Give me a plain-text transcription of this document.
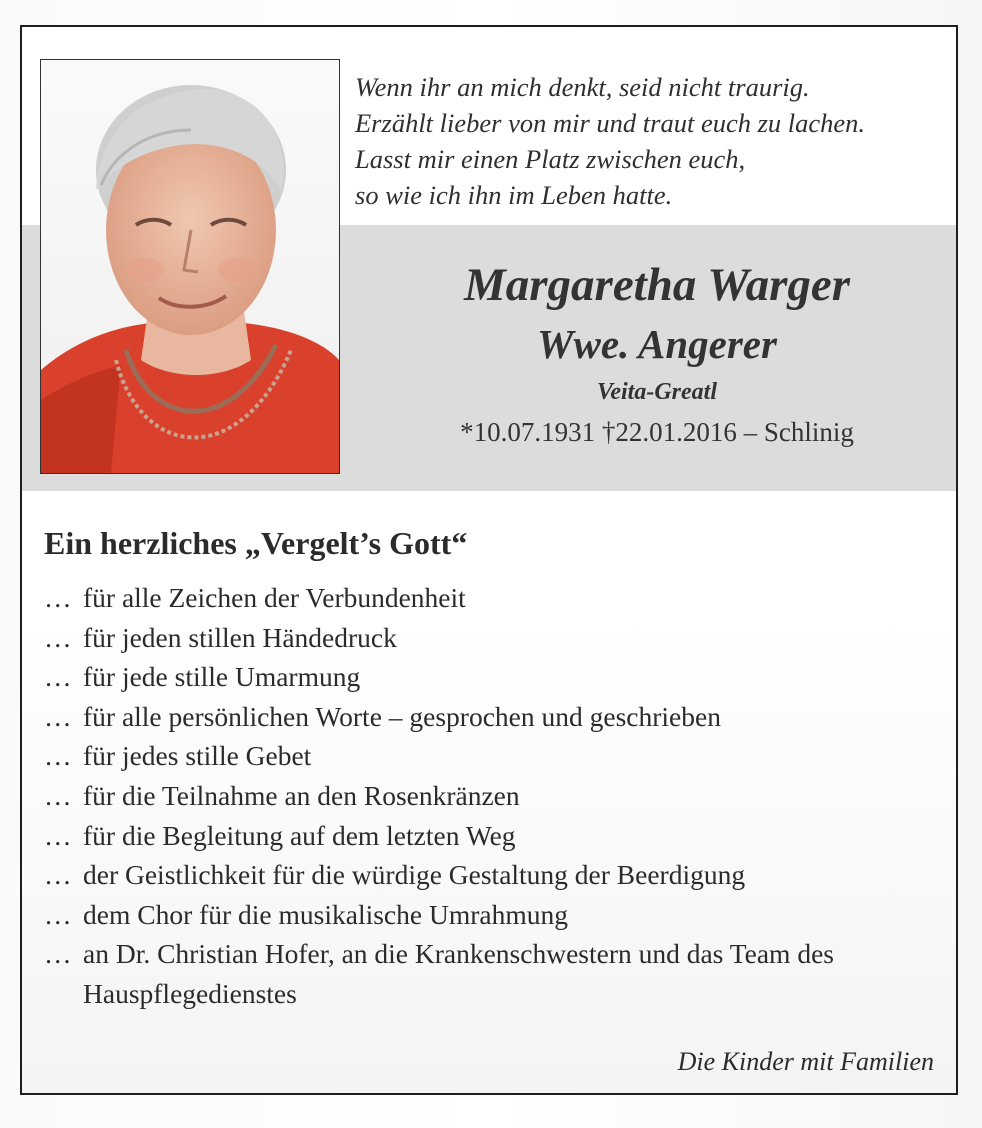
Wenn ihr an mich denkt, seid nicht traurig.
Erzählt lieber von mir und traut euch zu lachen.
Lasst mir einen Platz zwischen euch,
so wie ich ihn im Leben hatte.
Margaretha Warger
Wwe. Angerer
Veita-Greatl
*10.07.1931 †22.01.2016 – Schlinig
Ein herzliches „Vergelt’s Gott“
… für alle Zeichen der Verbundenheit
… für jeden stillen Händedruck
… für jede stille Umarmung
… für alle persönlichen Worte – gesprochen und geschrieben
… für jedes stille Gebet
… für die Teilnahme an den Rosenkränzen
… für die Begleitung auf dem letzten Weg
… der Geistlichkeit für die würdige Gestaltung der Beerdigung
… dem Chor für die musikalische Umrahmung
… an Dr. Christian Hofer, an die Krankenschwestern und das Team des Hauspflegedienstes
Die Kinder mit Familien
